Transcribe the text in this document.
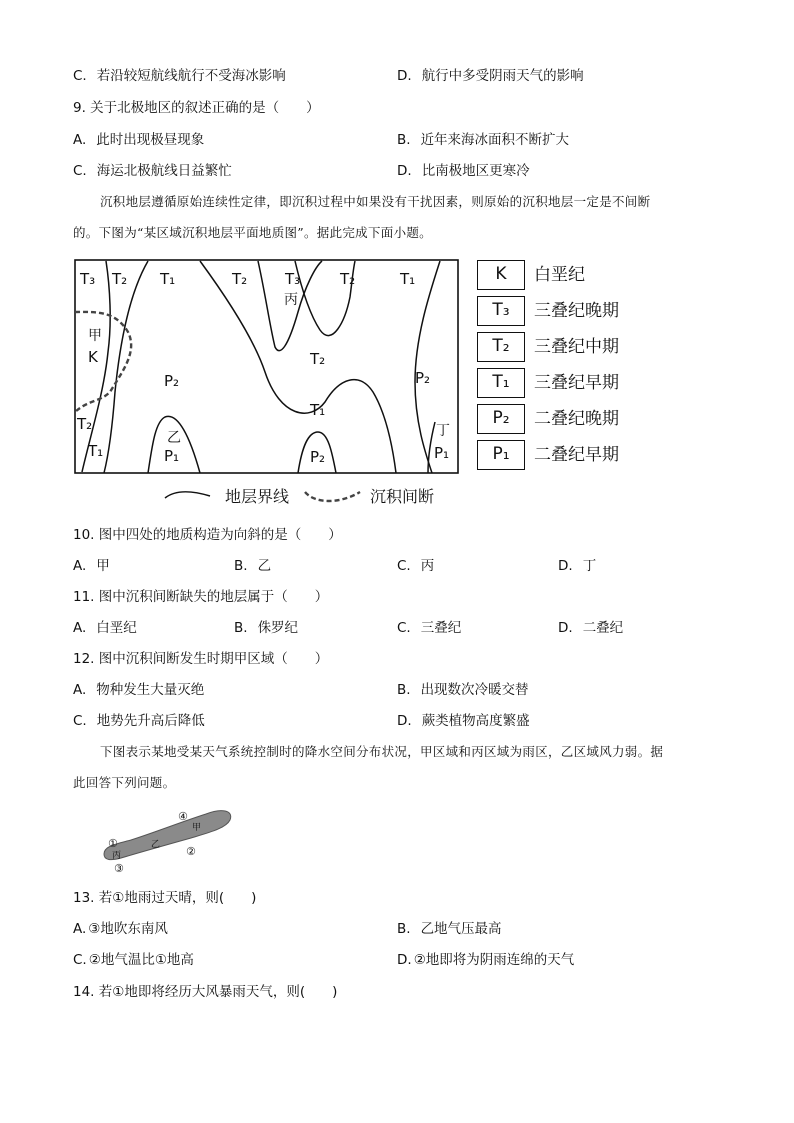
C. 若沿较短航线航行不受海冰影响	D. 航行中多受阴雨天气的影响
9. 关于北极地区的叙述正确的是（　　）
A. 此时出现极昼现象	B. 近年来海冰面积不断扩大
C. 海运北极航线日益繁忙	D. 比南极地区更寒冷
沉积地层遵循原始连续性定律，即沉积过程中如果没有干扰因素，则原始的沉积地层一定是不间断
的。下图为“某区域沉积地层平面地质图”。据此完成下面小题。
T₃ T₂ T₁	T₂	T₃
丙
T₂	T₁
甲
K
P₂
T₂
T₁
P₂
T₂
T₁
乙
P₁	P₂
丁
P₁
地层界线	沉积间断
K	白垩纪
T₃	三叠纪晚期
T₂	三叠纪中期
T₁	三叠纪早期
P₂	二叠纪晚期
P₁	二叠纪早期
10. 图中四处的地质构造为向斜的是（　　）
A. 甲	B. 乙	C. 丙	D. 丁
11. 图中沉积间断缺失的地层属于（　　）
A. 白垩纪	B. 侏罗纪	C. 三叠纪	D. 二叠纪
12. 图中沉积间断发生时期甲区域（　　）
A. 物种发生大量灭绝	B. 出现数次冷暖交替
C. 地势先升高后降低	D. 蕨类植物高度繁盛
下图表示某地受某天气系统控制时的降水空间分布状况，甲区域和丙区域为雨区，乙区域风力弱。据
此回答下列问题。
①
④
②
③
丙
乙
甲
13. 若①地雨过天晴，则(　　)
A. ③地吹东南风	B. 乙地气压最高
C. ②地气温比①地高	D. ②地即将为阴雨连绵的天气
14. 若①地即将经历大风暴雨天气，则(　　)
